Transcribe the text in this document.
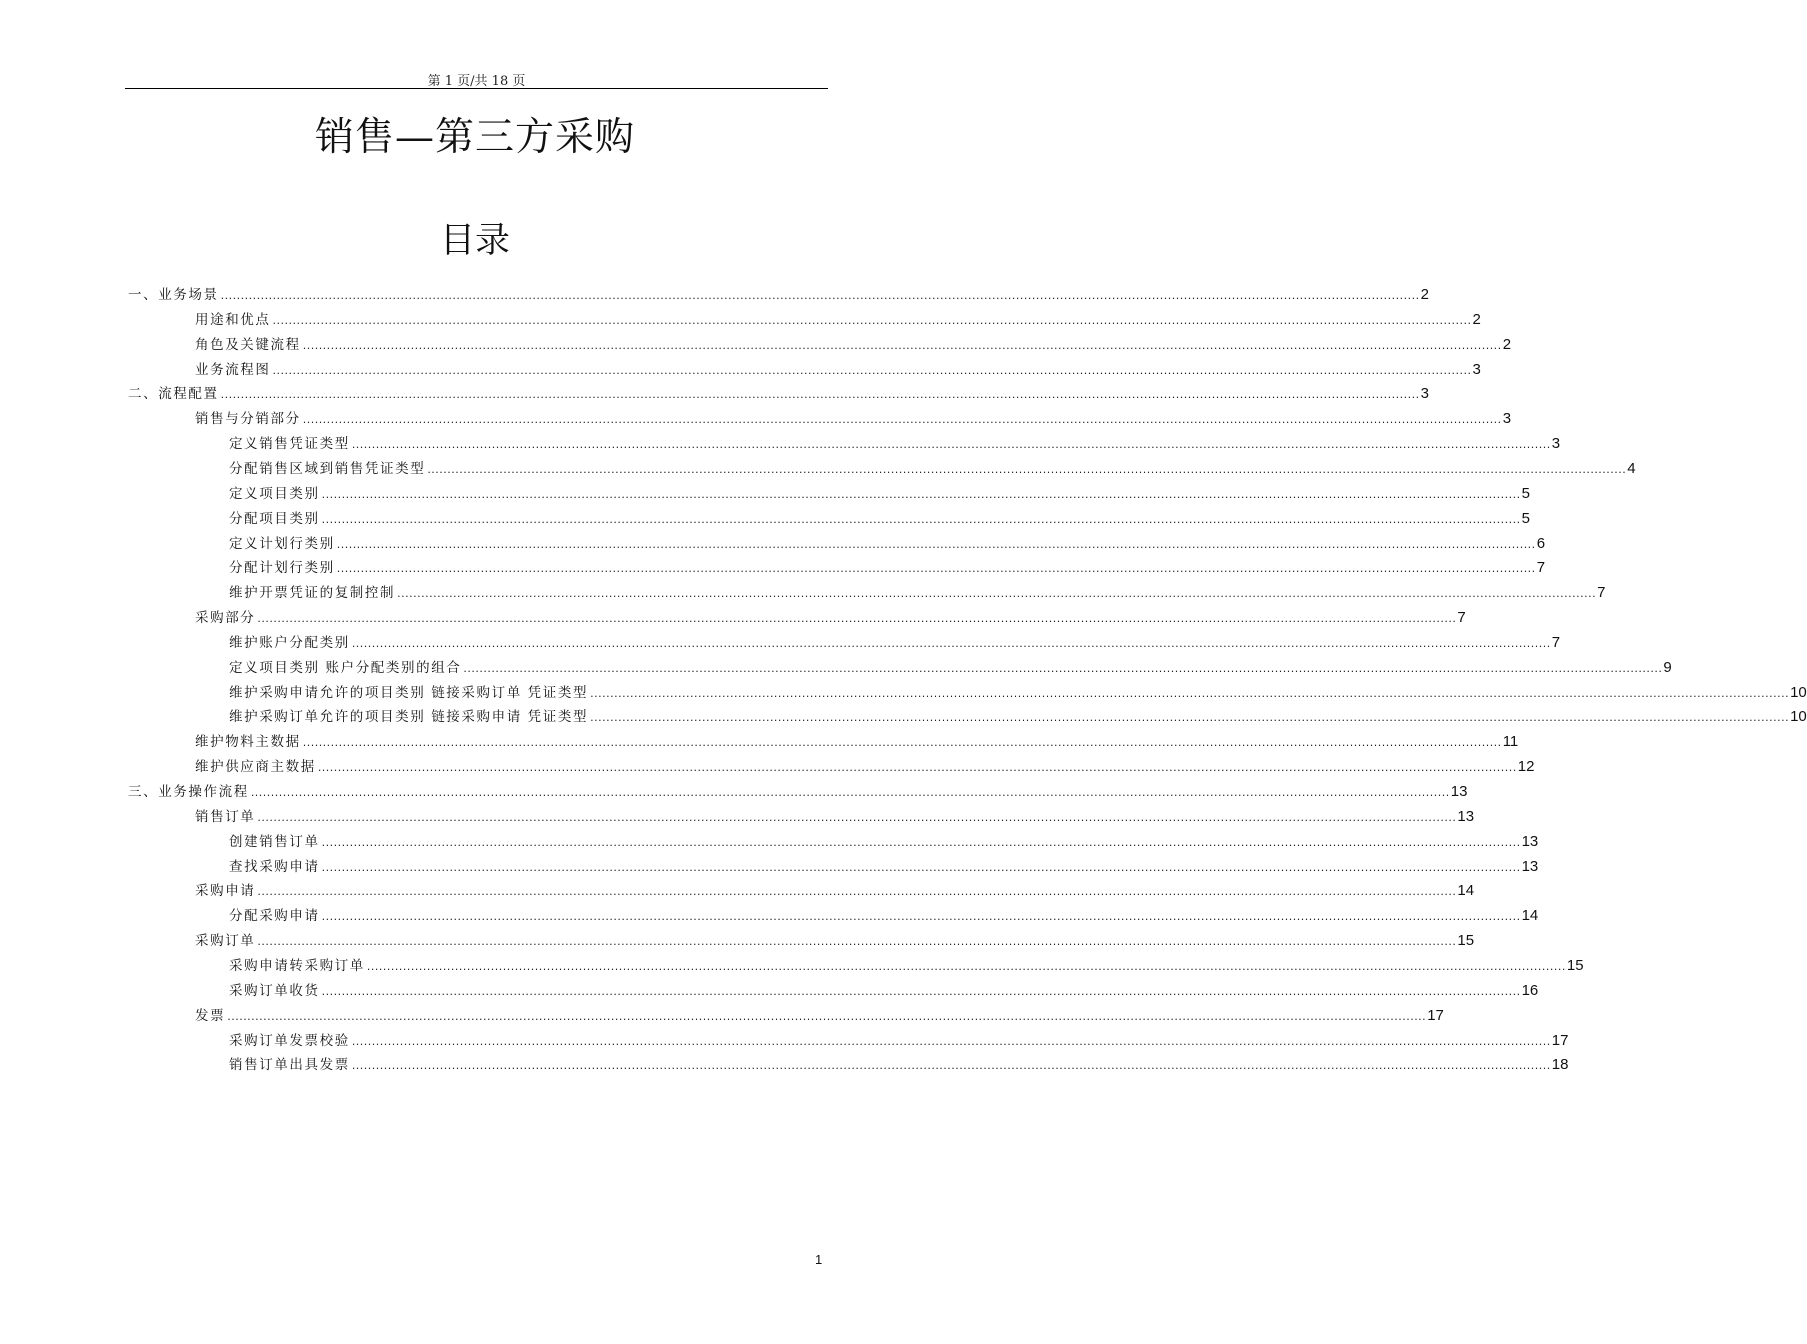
第 1 页/共 18 页
销售—第三方采购
目录
一、业务场景 ............................................................................................................................................................................................................................................................................................................ 2
用途和优点 ............................................................................................................................................................................................................................................................................................................ 2
角色及关键流程 ............................................................................................................................................................................................................................................................................................................ 2
业务流程图 ............................................................................................................................................................................................................................................................................................................ 3
二、流程配置 ............................................................................................................................................................................................................................................................................................................ 3
销售与分销部分 ............................................................................................................................................................................................................................................................................................................ 3
定义销售凭证类型 ............................................................................................................................................................................................................................................................................................................ 3
分配销售区域到销售凭证类型 ............................................................................................................................................................................................................................................................................................................ 4
定义项目类别 ............................................................................................................................................................................................................................................................................................................ 5
分配项目类别 ............................................................................................................................................................................................................................................................................................................ 5
定义计划行类别 ............................................................................................................................................................................................................................................................................................................ 6
分配计划行类别 ............................................................................................................................................................................................................................................................................................................ 7
维护开票凭证的复制控制 ............................................................................................................................................................................................................................................................................................................ 7
采购部分 ............................................................................................................................................................................................................................................................................................................ 7
维护账户分配类别 ............................................................................................................................................................................................................................................................................................................ 7
定义项目类别 账户分配类别的组合 ............................................................................................................................................................................................................................................................................................................ 9
维护采购申请允许的项目类别 链接采购订单 凭证类型 ............................................................................................................................................................................................................................................................................................................ 10
维护采购订单允许的项目类别 链接采购申请 凭证类型 ............................................................................................................................................................................................................................................................................................................ 10
维护物料主数据 ............................................................................................................................................................................................................................................................................................................ 11
维护供应商主数据 ............................................................................................................................................................................................................................................................................................................ 12
三、业务操作流程 ............................................................................................................................................................................................................................................................................................................ 13
销售订单 ............................................................................................................................................................................................................................................................................................................ 13
创建销售订单 ............................................................................................................................................................................................................................................................................................................ 13
查找采购申请 ............................................................................................................................................................................................................................................................................................................ 13
采购申请 ............................................................................................................................................................................................................................................................................................................ 14
分配采购申请 ............................................................................................................................................................................................................................................................................................................ 14
采购订单 ............................................................................................................................................................................................................................................................................................................ 15
采购申请转采购订单 ............................................................................................................................................................................................................................................................................................................ 15
采购订单收货 ............................................................................................................................................................................................................................................................................................................ 16
发票 ............................................................................................................................................................................................................................................................................................................ 17
采购订单发票校验 ............................................................................................................................................................................................................................................................................................................ 17
销售订单出具发票 ............................................................................................................................................................................................................................................................................................................ 18
1
